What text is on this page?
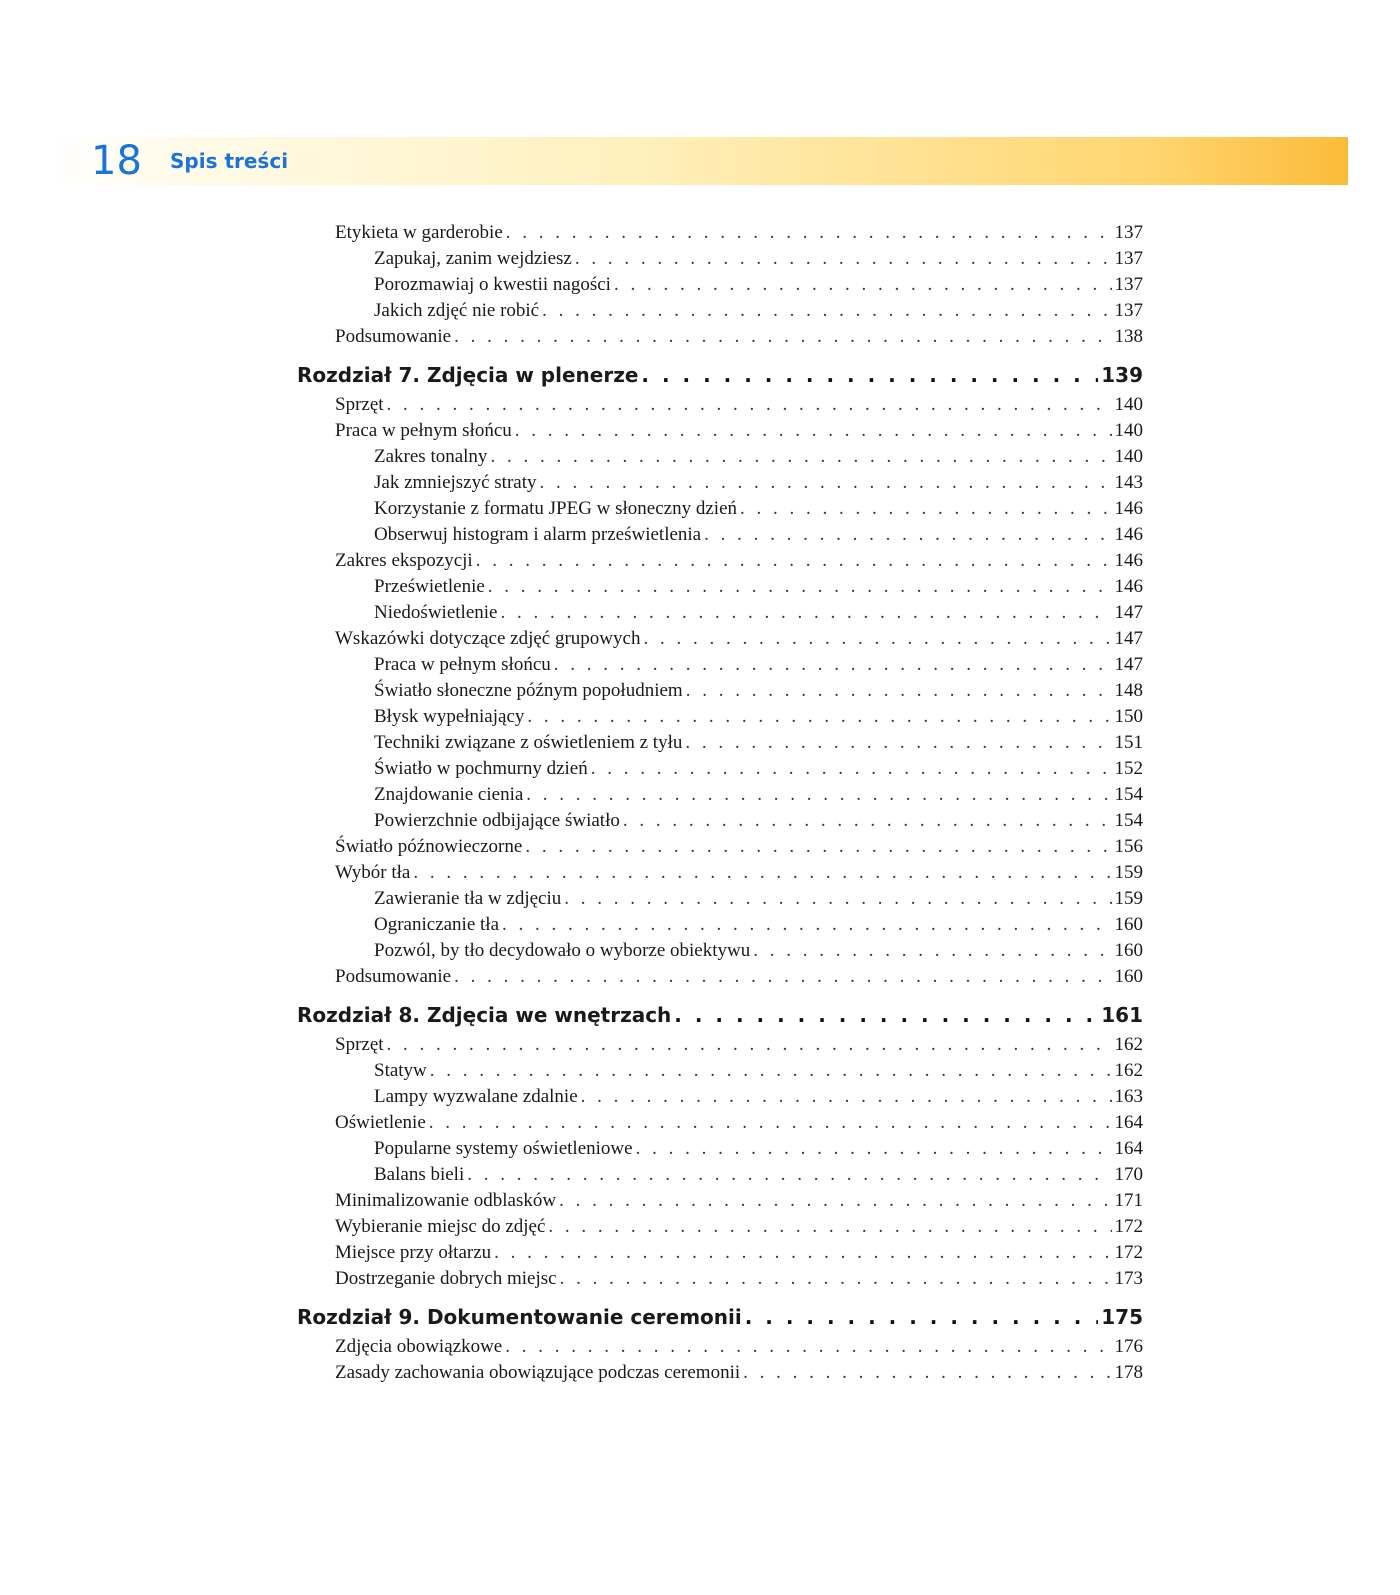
18 Spis treści
Etykieta w garderobie . . .	137
Zapukaj, zanim wejdziesz . . .	137
Porozmawiaj o kwestii nagości . . .	137
Jakich zdjęć nie robić . . .	137
Podsumowanie . . .	138
Rozdział 7. Zdjęcia w plenerze . . .	139
Sprzęt . . .	140
Praca w pełnym słońcu . . .	140
Zakres tonalny . . .	140
Jak zmniejszyć straty . . .	143
Korzystanie z formatu JPEG w słoneczny dzień . . .	146
Obserwuj histogram i alarm prześwietlenia . . .	146
Zakres ekspozycji . . .	146
Prześwietlenie . . .	146
Niedoświetlenie . . .	147
Wskazówki dotyczące zdjęć grupowych . . .	147
Praca w pełnym słońcu . . .	147
Światło słoneczne późnym popołudniem . . .	148
Błysk wypełniający . . .	150
Techniki związane z oświetleniem z tyłu . . .	151
Światło w pochmurny dzień . . .	152
Znajdowanie cienia . . .	154
Powierzchnie odbijające światło . . .	154
Światło późnowieczorne . . .	156
Wybór tła . . .	159
Zawieranie tła w zdjęciu . . .	159
Ograniczanie tła . . .	160
Pozwól, by tło decydowało o wyborze obiektywu . . .	160
Podsumowanie . . .	160
Rozdział 8. Zdjęcia we wnętrzach . . .	161
Sprzęt . . .	162
Statyw . . .	162
Lampy wyzwalane zdalnie . . .	163
Oświetlenie . . .	164
Popularne systemy oświetleniowe . . .	164
Balans bieli . . .	170
Minimalizowanie odblasków . . .	171
Wybieranie miejsc do zdjęć . . .	172
Miejsce przy ołtarzu . . .	172
Dostrzeganie dobrych miejsc . . .	173
Rozdział 9. Dokumentowanie ceremonii . . .	175
Zdjęcia obowiązkowe . . .	176
Zasady zachowania obowiązujące podczas ceremonii . . .	178
